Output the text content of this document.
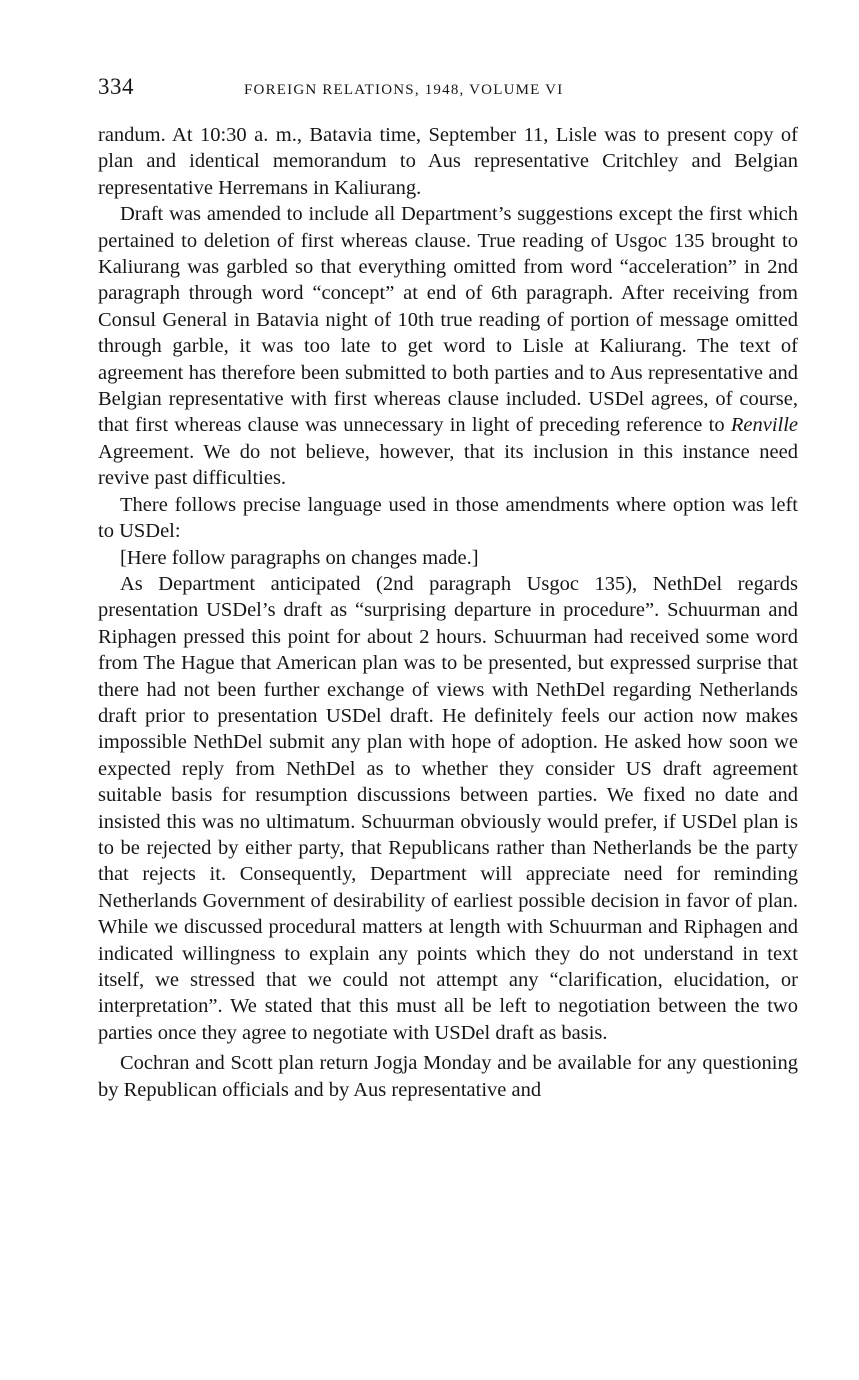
334	FOREIGN RELATIONS, 1948, VOLUME VI

randum. At 10:30 a. m., Batavia time, September 11, Lisle was to present copy of plan and identical memorandum to Aus representative Critchley and Belgian representative Herremans in Kaliurang.

Draft was amended to include all Department’s suggestions except the first which pertained to deletion of first whereas clause. True reading of Usgoc 135 brought to Kaliurang was garbled so that everything omitted from word “acceleration” in 2nd paragraph through word “concept” at end of 6th paragraph. After receiving from Consul General in Batavia night of 10th true reading of portion of message omitted through garble, it was too late to get word to Lisle at Kaliurang. The text of agreement has therefore been submitted to both parties and to Aus representative and Belgian representative with first whereas clause included. USDel agrees, of course, that first whereas clause was unnecessary in light of preceding reference to Renville Agreement. We do not believe, however, that its inclusion in this instance need revive past difficulties.

There follows precise language used in those amendments where option was left to USDel:

[Here follow paragraphs on changes made.]

As Department anticipated (2nd paragraph Usgoc 135), NethDel regards presentation USDel’s draft as “surprising departure in procedure”. Schuurman and Riphagen pressed this point for about 2 hours. Schuurman had received some word from The Hague that American plan was to be presented, but expressed surprise that there had not been further exchange of views with NethDel regarding Netherlands draft prior to presentation USDel draft. He definitely feels our action now makes impossible NethDel submit any plan with hope of adoption. He asked how soon we expected reply from NethDel as to whether they consider US draft agreement suitable basis for resumption discussions between parties. We fixed no date and insisted this was no ultimatum. Schuurman obviously would prefer, if USDel plan is to be rejected by either party, that Republicans rather than Netherlands be the party that rejects it. Consequently, Department will appreciate need for reminding Netherlands Government of desirability of earliest possible decision in favor of plan. While we discussed procedural matters at length with Schuurman and Riphagen and indicated willingness to explain any points which they do not understand in text itself, we stressed that we could not attempt any “clarification, elucidation, or interpretation”. We stated that this must all be left to negotiation between the two parties once they agree to negotiate with USDel draft as basis.

Cochran and Scott plan return Jogja Monday and be available for any questioning by Republican officials and by Aus representative and
